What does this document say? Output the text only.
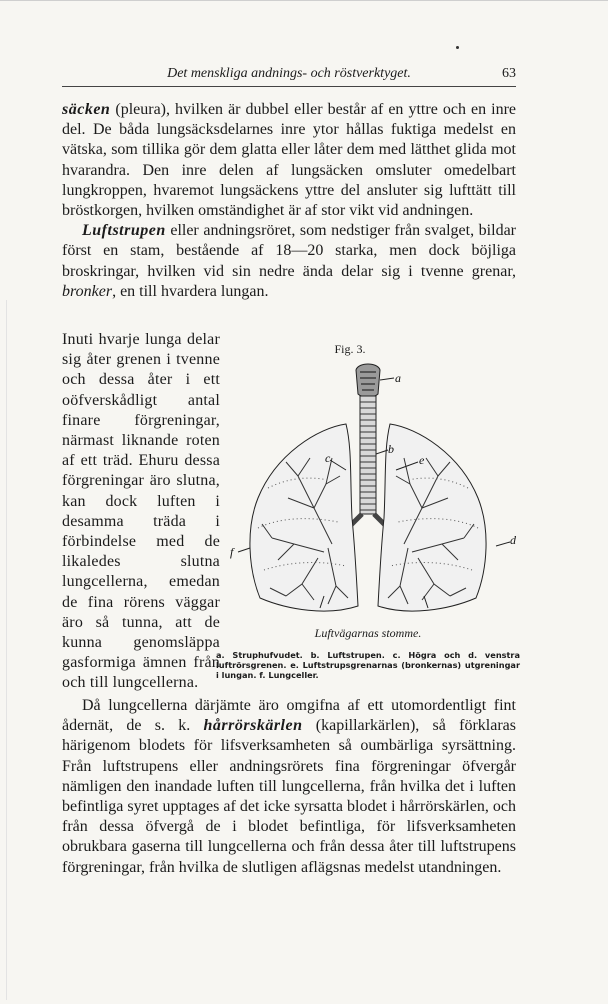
Det menskliga andnings- och röstverktyget.	63

säcken (pleura), hvilken är dubbel eller består af en yttre och en inre del. De båda lungsäcksdelarnes inre ytor hållas fuktiga medelst en vätska, som tillika gör dem glatta eller låter dem med lätthet glida mot hvarandra. Den inre delen af lungsäcken omsluter omedelbart lungkroppen, hvaremot lungsäckens yttre del ansluter sig lufttätt till bröstkorgen, hvilken omständighet är af stor vikt vid andningen.

Luftstrupen eller andningsröret, som nedstiger från svalget, bildar först en stam, bestående af 18—20 starka, men dock böjliga broskringar, hvilken vid sin nedre ända delar sig i tvenne grenar, bronker, en till hvardera lungan.

Inuti hvarje lunga delar sig åter grenen i tvenne och dessa åter i ett oöfverskådligt antal finare förgreningar, närmast liknande roten af ett träd. Ehuru dessa förgreningar äro slutna, kan dock luften i desamma träda i förbindelse med de likaledes slutna lungcellerna, emedan de fina rörens väggar äro så tunna, att de kunna genomsläppa gasformiga ämnen från och till lungcellerna.
Fig. 3.
a
b
c	e
f
d
Luftvägarnas stomme.
a. Struphufvudet. b. Luftstrupen. c. Högra och d. venstra luftrörsgrenen. e. Luftstrupsgrenarnas (bronkernas) utgreningar i lungan. f. Lungceller.

Då lungcellerna därjämte äro omgifna af ett utomordentligt fint ådernät, de s. k. hårrörskärlen (kapillarkärlen), så förklaras härigenom blodets för lifsverksamheten så oumbärliga syrsättning. Från luftstrupens eller andningsrörets fina förgreningar öfvergår nämligen den inandade luften till lungcellerna, från hvilka det i luften befintliga syret upptages af det icke syrsatta blodet i hårrörskärlen, och från dessa öfvergå de i blodet befintliga, för lifsverksamheten obrukbara gaserna till lungcellerna och från dessa åter till luftstrupens förgreningar, från hvilka de slutligen aflägsnas medelst utandningen.
